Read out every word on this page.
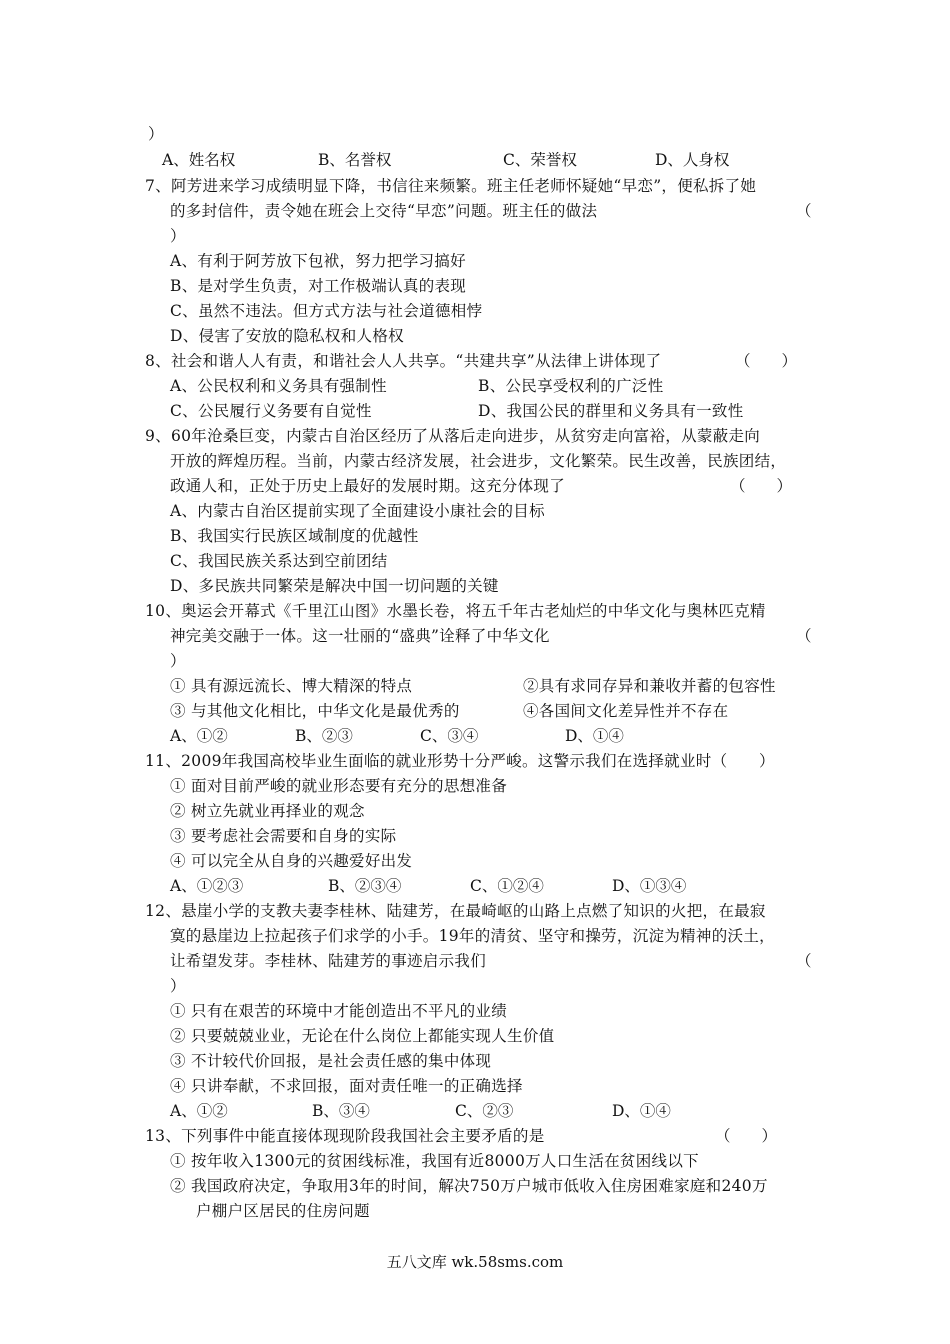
）
A、姓名权	B、名誉权	C、荣誉权	D、人身权
7、阿芳进来学习成绩明显下降，书信往来频繁。班主任老师怀疑她“早恋”，便私拆了她
的多封信件，责令她在班会上交待“早恋”问题。班主任的做法	（
）
A、有利于阿芳放下包袱，努力把学习搞好
B、是对学生负责，对工作极端认真的表现
C、虽然不违法。但方式方法与社会道德相悖
D、侵害了安放的隐私权和人格权
8、社会和谐人人有责，和谐社会人人共享。“共建共享”从法律上讲体现了	（　　）
A、公民权利和义务具有强制性	B、公民享受权利的广泛性
C、公民履行义务要有自觉性	D、我国公民的群里和义务具有一致性
9、60年沧桑巨变，内蒙古自治区经历了从落后走向进步，从贫穷走向富裕，从蒙蔽走向
开放的辉煌历程。当前，内蒙古经济发展，社会进步，文化繁荣。民生改善，民族团结，
政通人和，正处于历史上最好的发展时期。这充分体现了	（　　）
A、内蒙古自治区提前实现了全面建设小康社会的目标
B、我国实行民族区域制度的优越性
C、我国民族关系达到空前团结
D、多民族共同繁荣是解决中国一切问题的关键
10、奥运会开幕式《千里江山图》水墨长卷，将五千年古老灿烂的中华文化与奥林匹克精
神完美交融于一体。这一壮丽的“盛典”诠释了中华文化	（
）
① 具有源远流长、博大精深的特点	②具有求同存异和兼收并蓄的包容性
③ 与其他文化相比，中华文化是最优秀的	④各国间文化差异性并不存在
A、①②	B、②③	C、③④	D、①④
11、2009年我国高校毕业生面临的就业形势十分严峻。这警示我们在选择就业时（　　）
① 面对目前严峻的就业形态要有充分的思想准备
② 树立先就业再择业的观念
③ 要考虑社会需要和自身的实际
④ 可以完全从自身的兴趣爱好出发
A、①②③	B、②③④	C、①②④	D、①③④
12、悬崖小学的支教夫妻李桂林、陆建芳，在最崎岖的山路上点燃了知识的火把，在最寂
寞的悬崖边上拉起孩子们求学的小手。19年的清贫、坚守和操劳，沉淀为精神的沃土，
让希望发芽。李桂林、陆建芳的事迹启示我们	（
）
① 只有在艰苦的环境中才能创造出不平凡的业绩
② 只要兢兢业业，无论在什么岗位上都能实现人生价值
③ 不计较代价回报，是社会责任感的集中体现
④ 只讲奉献，不求回报，面对责任唯一的正确选择
A、①②	B、③④	C、②③	D、①④
13、下列事件中能直接体现现阶段我国社会主要矛盾的是	（　　）
① 按年收入1300元的贫困线标准，我国有近8000万人口生活在贫困线以下
② 我国政府决定，争取用3年的时间，解决750万户城市低收入住房困难家庭和240万
户棚户区居民的住房问题
五八文库 wk.58sms.com
